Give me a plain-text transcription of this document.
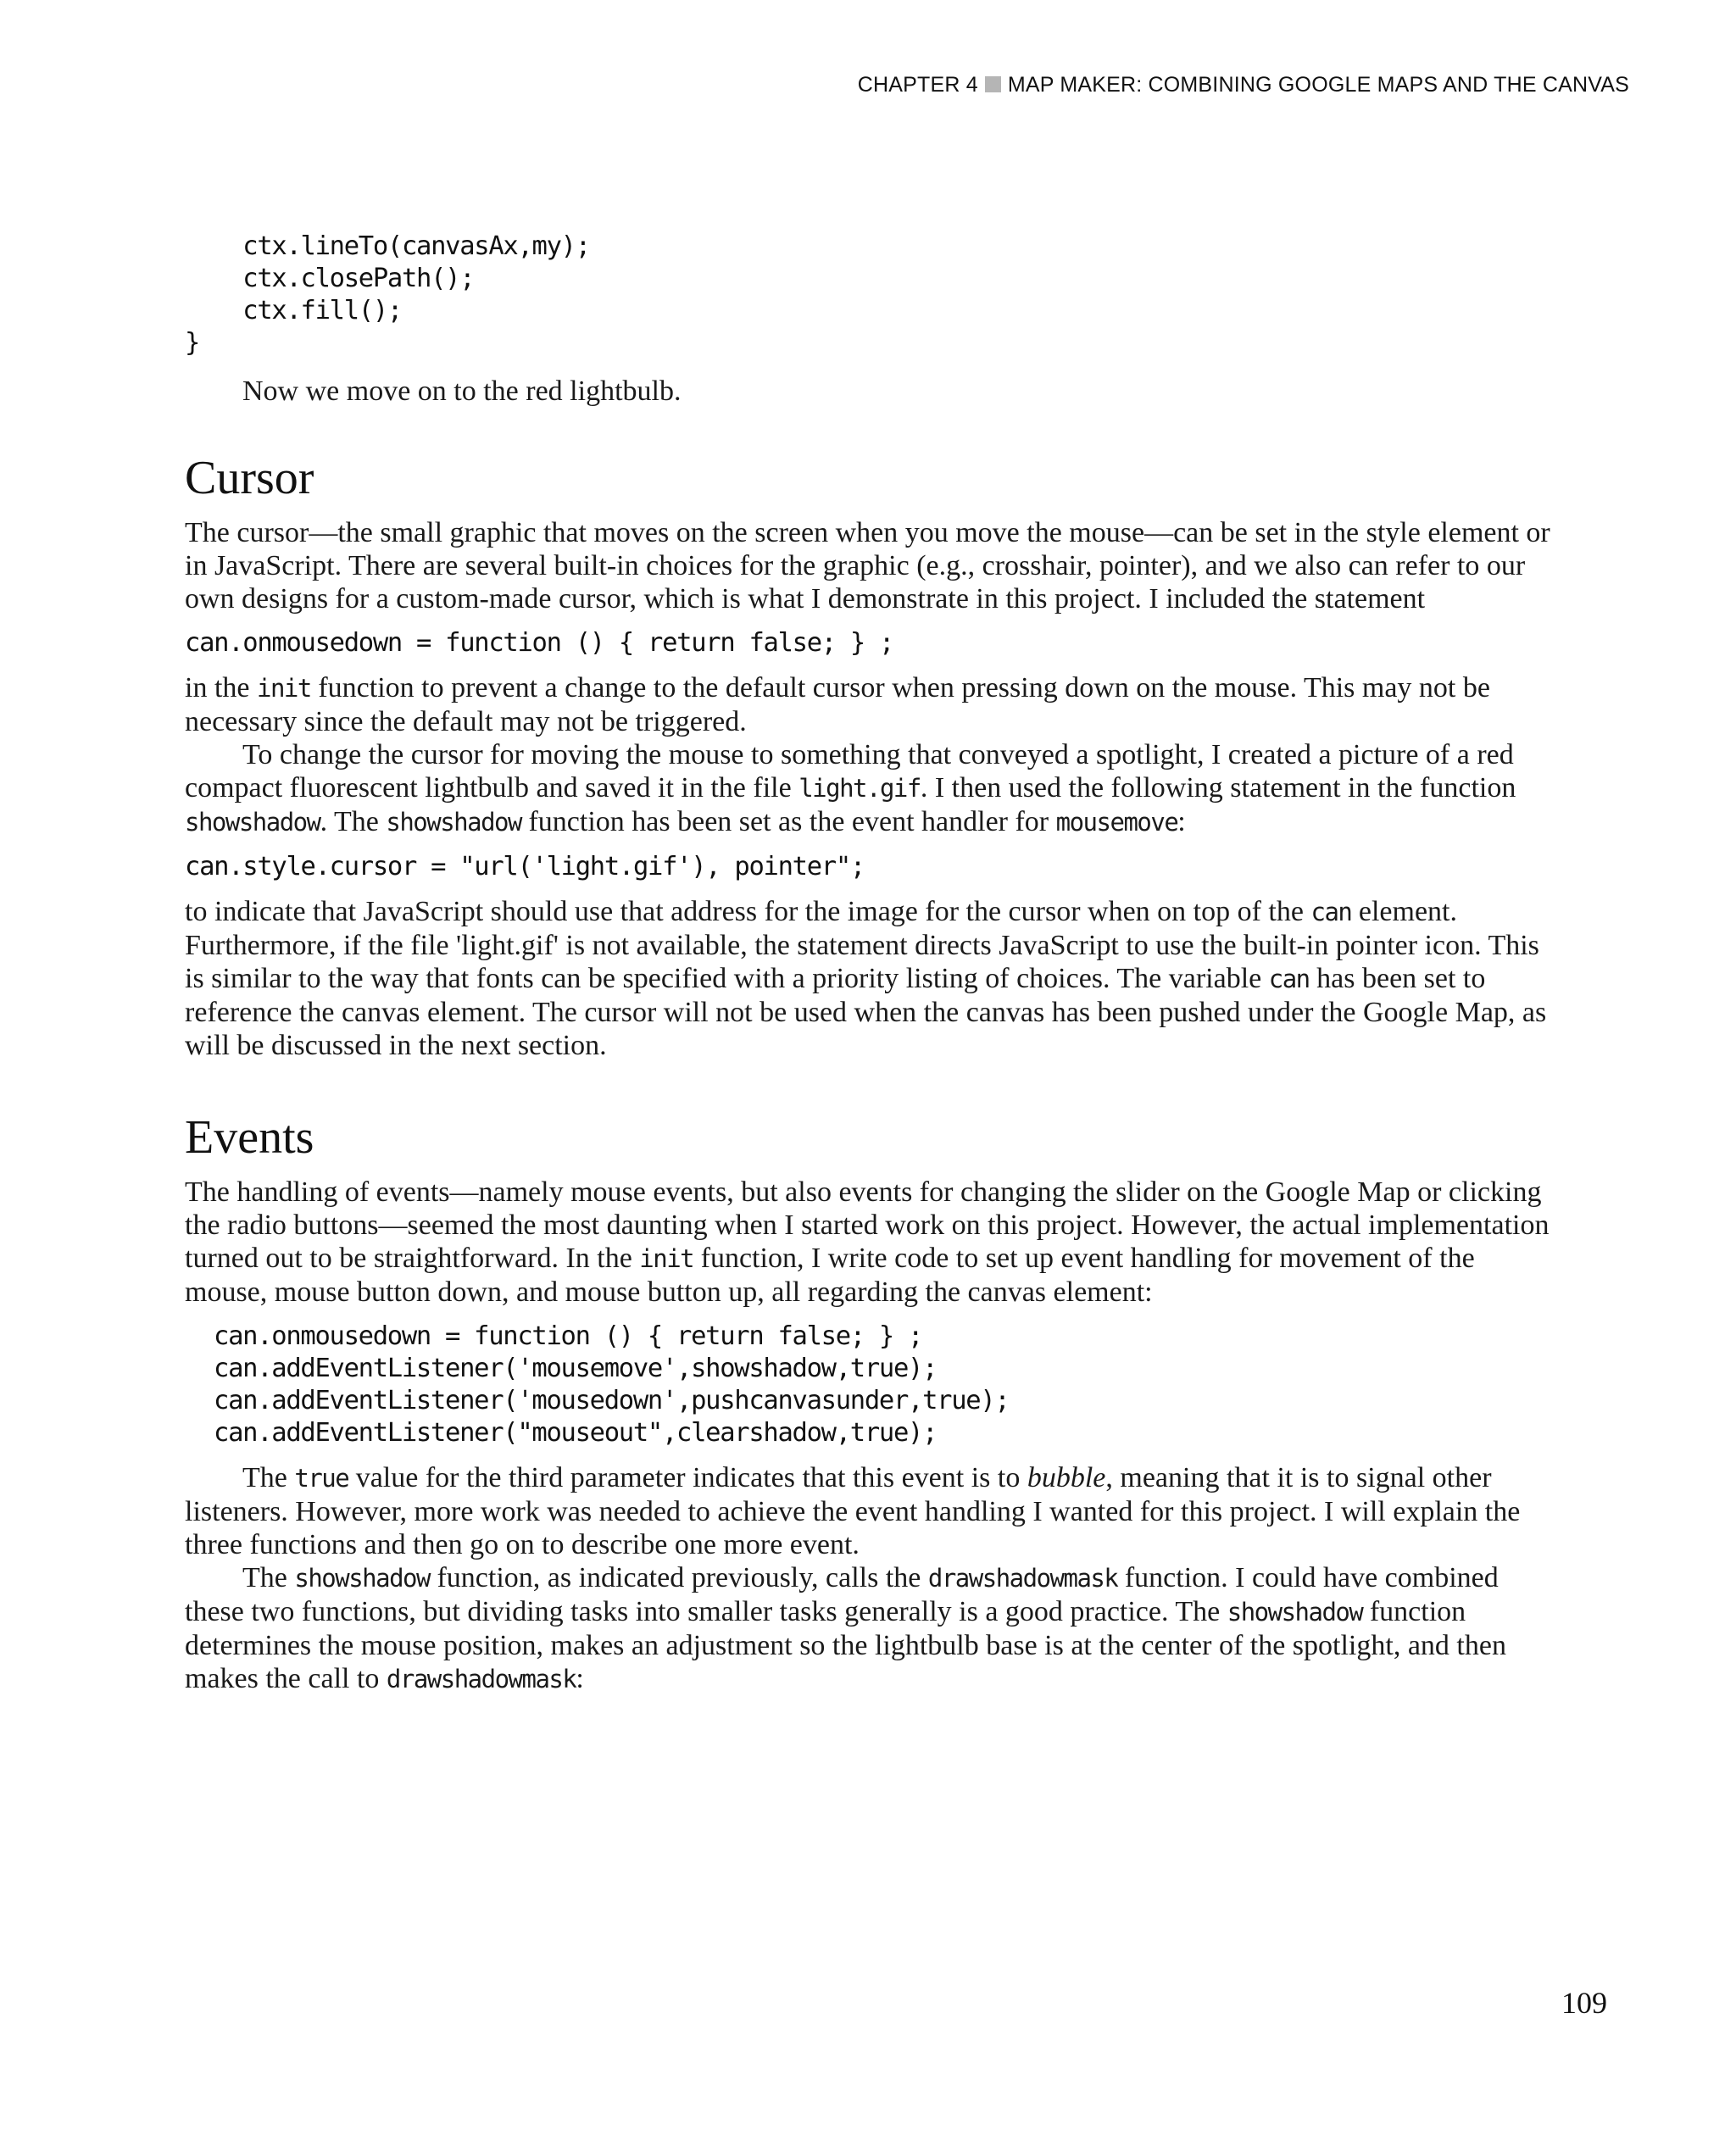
CHAPTER 4 MAP MAKER: COMBINING GOOGLE MAPS AND THE CANVAS
ctx.lineTo(canvasAx,my);
ctx.closePath();
ctx.fill();
}

Now we move on to the red lightbulb.

Cursor

The cursor—the small graphic that moves on the screen when you move the mouse—can be set in the style element or in JavaScript. There are several built-in choices for the graphic (e.g., crosshair, pointer), and we also can refer to our own designs for a custom-made cursor, which is what I demonstrate in this project. I included the statement

can.onmousedown = function () { return false; } ;

in the init function to prevent a change to the default cursor when pressing down on the mouse. This may not be necessary since the default may not be triggered.

To change the cursor for moving the mouse to something that conveyed a spotlight, I created a picture of a red compact fluorescent lightbulb and saved it in the file light.gif. I then used the following statement in the function showshadow. The showshadow function has been set as the event handler for mousemove:

can.style.cursor = "url('light.gif'), pointer";

to indicate that JavaScript should use that address for the image for the cursor when on top of the can element. Furthermore, if the file 'light.gif' is not available, the statement directs JavaScript to use the built-in pointer icon. This is similar to the way that fonts can be specified with a priority listing of choices. The variable can has been set to reference the canvas element. The cursor will not be used when the canvas has been pushed under the Google Map, as will be discussed in the next section.

Events

The handling of events—namely mouse events, but also events for changing the slider on the Google Map or clicking the radio buttons—seemed the most daunting when I started work on this project. However, the actual implementation turned out to be straightforward. In the init function, I write code to set up event handling for movement of the mouse, mouse button down, and mouse button up, all regarding the canvas element:

can.onmousedown = function () { return false; } ;
can.addEventListener('mousemove',showshadow,true);
can.addEventListener('mousedown',pushcanvasunder,true);
can.addEventListener("mouseout",clearshadow,true);

The true value for the third parameter indicates that this event is to bubble, meaning that it is to signal other listeners. However, more work was needed to achieve the event handling I wanted for this project. I will explain the three functions and then go on to describe one more event.

The showshadow function, as indicated previously, calls the drawshadowmask function. I could have combined these two functions, but dividing tasks into smaller tasks generally is a good practice. The showshadow function determines the mouse position, makes an adjustment so the lightbulb base is at the center of the spotlight, and then makes the call to drawshadowmask:

109
